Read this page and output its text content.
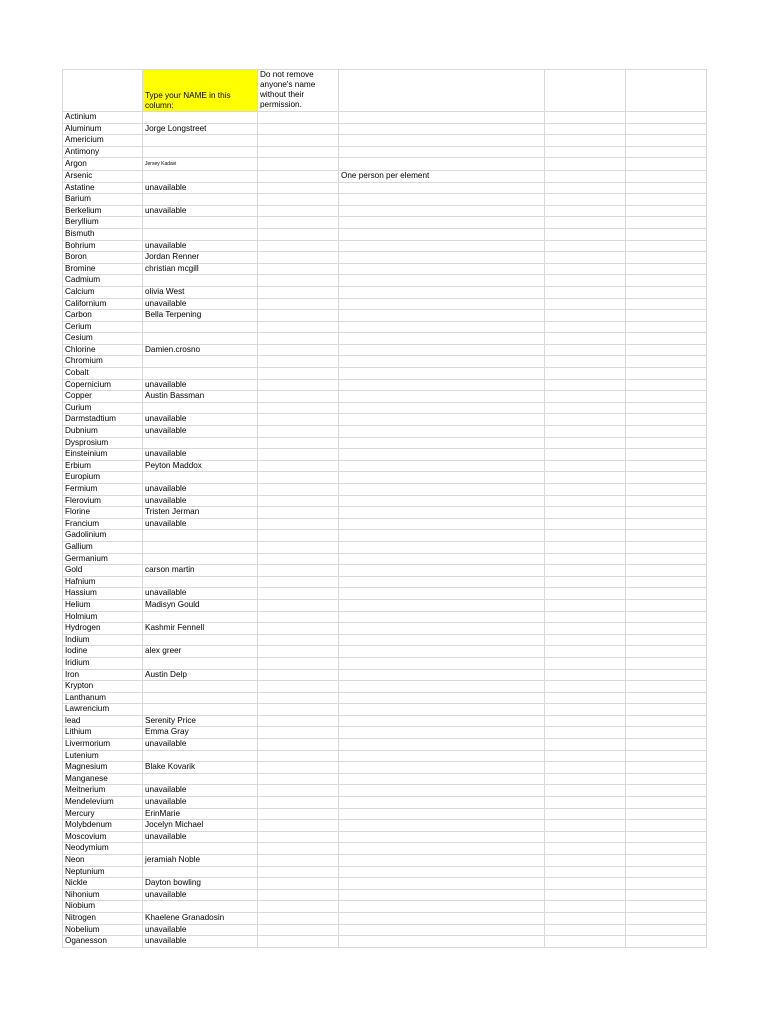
	Type your NAME in this column:	Do not remove anyone's name without their permission.			
Actinium					
Aluminum	Jorge Longstreet				
Americium					
Antimony					
Argon	Jersey Kadavi				
Arsenic			One person per element		
Astatine	unavailable				
Barium					
Berkelium	unavailable				
Beryllium					
Bismuth					
Bohrium	unavailable				
Boron	Jordan Renner				
Bromine	christian mcgill				
Cadmium					
Calcium	olivia West				
Californium	unavailable				
Carbon	Bella Terpening				
Cerium					
Cesium					
Chlorine	Damien.crosno				
Chromium					
Cobalt					
Copernicium	unavailable				
Copper	Austin Bassman				
Curium					
Darmstadtium	unavailable				
Dubnium	unavailable				
Dysprosium					
Einsteinium	unavailable				
Erbium	Peyton Maddox				
Europium					
Fermium	unavailable				
Flerovium	unavailable				
Florine	Tristen Jerman				
Francium	unavailable				
Gadolinium					
Gallium					
Germanium					
Gold	carson martin				
Hafnium					
Hassium	unavailable				
Helium	Madisyn Gould				
Holmium					
Hydrogen	Kashmir Fennell				
Indium					
Iodine	alex greer				
Iridium					
Iron	Austin Delp				
Krypton					
Lanthanum					
Lawrencium					
lead	Serenity Price				
Lithium	Emma Gray				
Livermorium	unavailable				
Lutenium					
Magnesium	Blake Kovarik				
Manganese					
Meitnerium	unavailable				
Mendelevium	unavailable				
Mercury	ErinMarie				
Molybdenum	Jocelyn Michael				
Moscovium	unavailable				
Neodymium					
Neon	jeramiah Noble				
Neptunium					
Nickle	Dayton bowling				
Nihonium	unavailable				
Niobium					
Nitrogen	Khaelene Granadosin				
Nobelium	unavailable				
Oganesson	unavailable				
